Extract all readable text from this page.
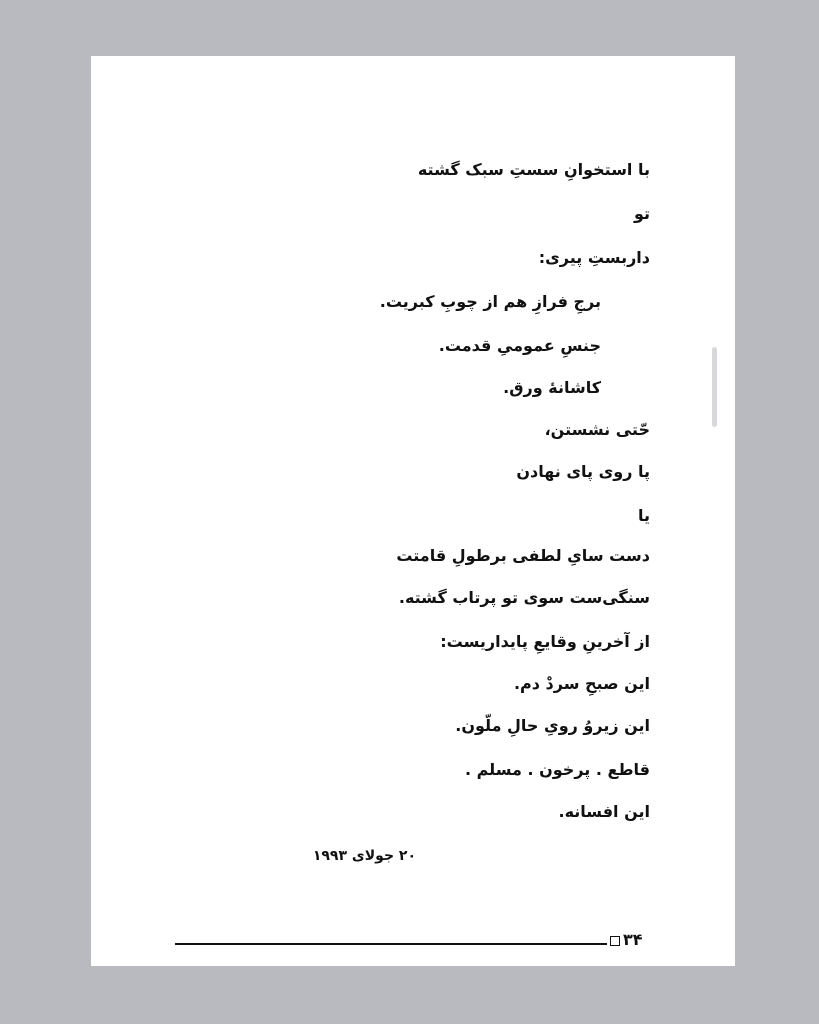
با استخوانِ سستِ سبک گشته
تو
داربستِ پیری:
برجِ فرازِ هم از چوبِ کبریت.
جنسِ عمومیِ قدمت.
کاشانهٔ ورق.
حّتی نشستن،
پا روی پای نهادن
یا
دست سایِ لطفی برطولِ قامتت
سنگی‌ست سوی تو پرتاب گشته.
از آخرینِ وقایعِ پایداریست:
این صبحِ سردْ دم.
این زیروُ رویِ حالِ ملّون.
قاطع . پرخون . مسلم .
این افسانه.
۲۰ جولای ۱۹۹۳
۳۴
